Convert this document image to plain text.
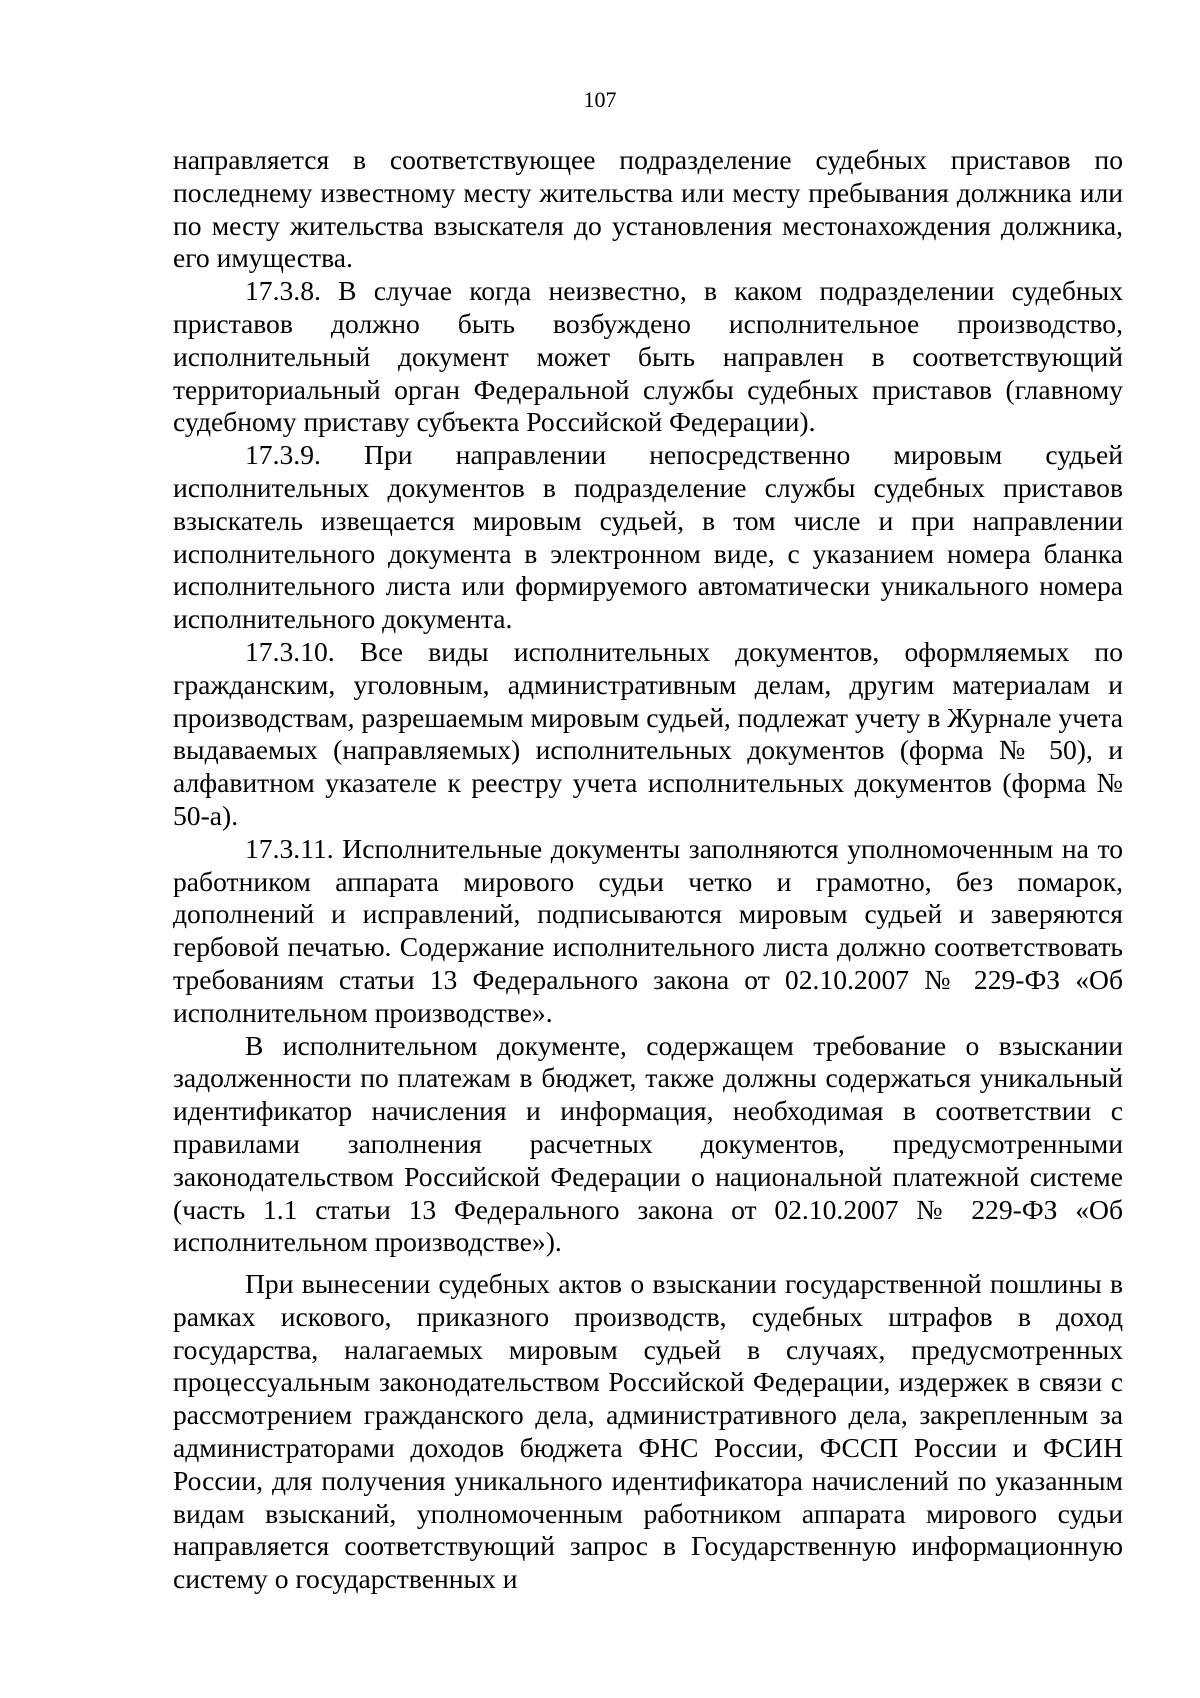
107

направляется в соответствующее подразделение судебных приставов по последнему известному месту жительства или месту пребывания должника или по месту жительства взыскателя до установления местонахождения должника, его имущества.

17.3.8. В случае когда неизвестно, в каком подразделении судебных приставов должно быть возбуждено исполнительное производство, исполнительный документ может быть направлен в соответствующий территориальный орган Федеральной службы судебных приставов (главному судебному приставу субъекта Российской Федерации).

17.3.9. При направлении непосредственно мировым судьей исполнительных документов в подразделение службы судебных приставов взыскатель извещается мировым судьей, в том числе и при направлении исполнительного документа в электронном виде, с указанием номера бланка исполнительного листа или формируемого автоматически уникального номера исполнительного документа.

17.3.10. Все виды исполнительных документов, оформляемых по гражданским, уголовным, административным делам, другим материалам и производствам, разрешаемым мировым судьей, подлежат учету в Журнале учета выдаваемых (направляемых) исполнительных документов (форма № 50), и алфавитном указателе к реестру учета исполнительных документов (форма № 50-а).

17.3.11. Исполнительные документы заполняются уполномоченным на то работником аппарата мирового судьи четко и грамотно, без помарок, дополнений и исправлений, подписываются мировым судьей и заверяются гербовой печатью. Содержание исполнительного листа должно соответствовать требованиям статьи 13 Федерального закона от 02.10.2007 № 229-ФЗ «Об исполнительном производстве».

В исполнительном документе, содержащем требование о взыскании задолженности по платежам в бюджет, также должны содержаться уникальный идентификатор начисления и информация, необходимая в соответствии с правилами заполнения расчетных документов, предусмотренными законодательством Российской Федерации о национальной платежной системе (часть 1.1 статьи 13 Федерального закона от 02.10.2007 № 229-ФЗ «Об исполнительном производстве»).

При вынесении судебных актов о взыскании государственной пошлины в рамках искового, приказного производств, судебных штрафов в доход государства, налагаемых мировым судьей в случаях, предусмотренных процессуальным законодательством Российской Федерации, издержек в связи с рассмотрением гражданского дела, административного дела, закрепленным за администраторами доходов бюджета ФНС России, ФССП России и ФСИН России, для получения уникального идентификатора начислений по указанным видам взысканий, уполномоченным работником аппарата мирового судьи направляется соответствующий запрос в Государственную информационную систему о государственных и
